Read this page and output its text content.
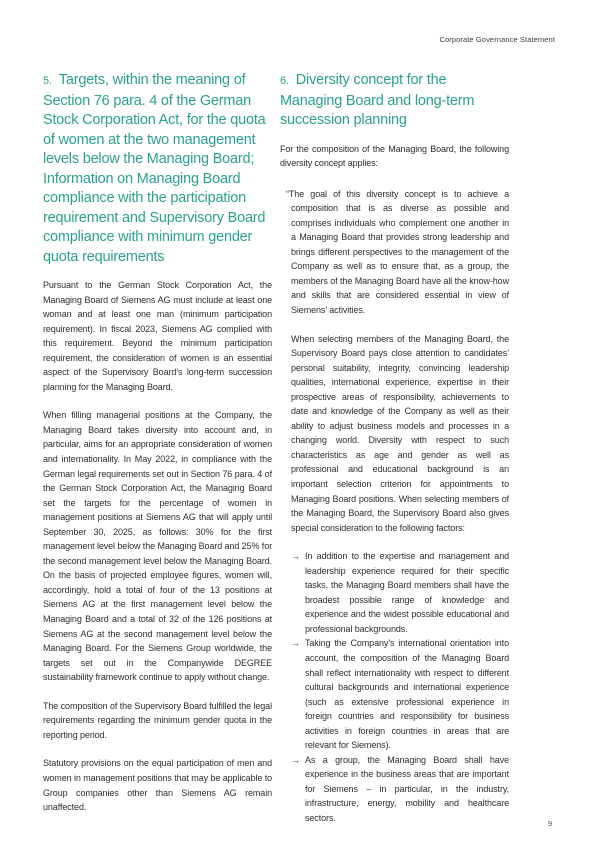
Corporate Governance Statement
5. Targets, within the meaning of Section 76 para. 4 of the German Stock Corporation Act, for the quota of women at the two management levels below the Managing Board; Information on Managing Board compliance with the participation requirement and Supervisory Board compliance with minimum gender quota requirements

Pursuant to the German Stock Corporation Act, the Managing Board of Siemens AG must include at least one woman and at least one man (minimum participation requirement). In fiscal 2023, Siemens AG complied with this requirement. Beyond the minimum participation requirement, the consideration of women is an essential aspect of the Supervisory Board’s long-term succession planning for the Managing Board.

When filling managerial positions at the Company, the Managing Board takes diversity into account and, in particular, aims for an appropriate consideration of women and internationality. In May 2022, in compliance with the German legal requirements set out in Section 76 para. 4 of the German Stock Corporation Act, the Managing Board set the targets for the percentage of women in management positions at Siemens AG that will apply until September 30, 2025, as follows: 30% for the first management level below the Managing Board and 25% for the second management level below the Managing Board. On the basis of projected employee figures, women will, accordingly, hold a total of four of the 13 positions at Siemens AG at the first management level below the Managing Board and a total of 32 of the 126 positions at Siemens AG at the second management level below the Managing Board. For the Siemens Group worldwide, the targets set out in the Companywide DEGREE sustainability framework continue to apply without change.

The composition of the Supervisory Board fulfilled the legal requirements regarding the minimum gender quota in the reporting period.

Statutory provisions on the equal participation of men and women in management positions that may be applicable to Group companies other than Siemens AG remain unaffected.

6. Diversity concept for the Managing Board and long-term succession planning

For the composition of the Managing Board, the following diversity concept applies:

“The goal of this diversity concept is to achieve a composition that is as diverse as possible and comprises individuals who complement one another in a Managing Board that provides strong leadership and brings different perspectives to the management of the Company as well as to ensure that, as a group, the members of the Managing Board have all the know-how and skills that are considered essential in view of Siemens’ activities.

When selecting members of the Managing Board, the Supervisory Board pays close attention to candidates’ personal suitability, integrity, convincing leadership qualities, international experience, expertise in their prospective areas of responsibility, achievements to date and knowledge of the Company as well as their ability to adjust business models and processes in a changing world. Diversity with respect to such characteristics as age and gender as well as professional and educational background is an important selection criterion for appointments to Managing Board positions. When selecting members of the Managing Board, the Supervisory Board also gives special consideration to the following factors:

→ In addition to the expertise and management and leadership experience required for their specific tasks, the Managing Board members shall have the broadest possible range of knowledge and experience and the widest possible educational and professional backgrounds.
→ Taking the Company’s international orientation into account, the composition of the Managing Board shall reflect internationality with respect to different cultural backgrounds and international experience (such as extensive professional experience in foreign countries and responsibility for business activities in foreign countries in areas that are relevant for Siemens).
→ As a group, the Managing Board shall have experience in the business areas that are important for Siemens – in particular, in the industry, infrastructure, energy, mobility and healthcare sectors.
9
